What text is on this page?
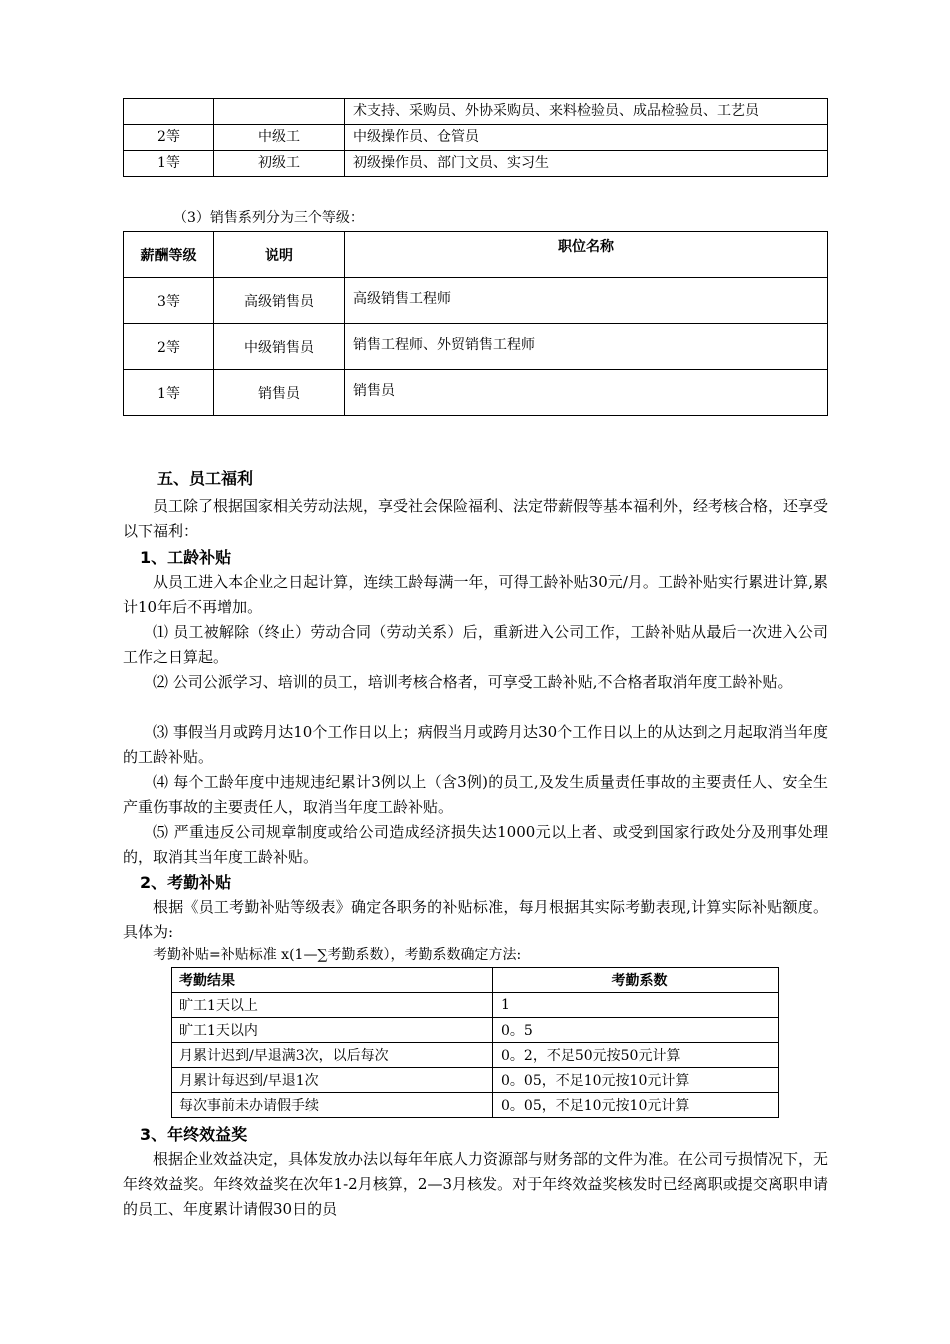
		术支持、采购员、外协采购员、来料检验员、成品检验员、工艺员
2等	中级工	中级操作员、仓管员
1等	初级工	初级操作员、部门文员、实习生
（3）销售系列分为三个等级：
薪酬等级	说明	职位名称
3等	高级销售员	高级销售工程师
2等	中级销售员	销售工程师、外贸销售工程师
1等	销售员	销售员
五、员工福利
员工除了根据国家相关劳动法规，享受社会保险福利、法定带薪假等基本福利外，经考核合格，还享受以下福利：
1、工龄补贴
从员工进入本企业之日起计算，连续工龄每满一年，可得工龄补贴30元/月。工龄补贴实行累进计算,累计10年后不再增加。
⑴ 员工被解除（终止）劳动合同（劳动关系）后，重新进入公司工作，工龄补贴从最后一次进入公司工作之日算起。
⑵ 公司公派学习、培训的员工，培训考核合格者，可享受工龄补贴,不合格者取消年度工龄补贴。
⑶ 事假当月或跨月达10个工作日以上；病假当月或跨月达30个工作日以上的从达到之月起取消当年度的工龄补贴。
⑷ 每个工龄年度中违规违纪累计3例以上（含3例)的员工,及发生质量责任事故的主要责任人、安全生产重伤事故的主要责任人，取消当年度工龄补贴。
⑸ 严重违反公司规章制度或给公司造成经济损失达1000元以上者、或受到国家行政处分及刑事处理的，取消其当年度工龄补贴。
2、考勤补贴
根据《员工考勤补贴等级表》确定各职务的补贴标准，每月根据其实际考勤表现,计算实际补贴额度。具体为:
考勤补贴=补贴标准 x(1—∑考勤系数），考勤系数确定方法:
考勤结果	考勤系数
旷工1天以上	1
旷工1天以内	0。5
月累计迟到/早退满3次，以后每次	0。2，不足50元按50元计算
月累计每迟到/早退1次	0。05，不足10元按10元计算
每次事前未办请假手续	0。05，不足10元按10元计算
3、年终效益奖
根据企业效益决定，具体发放办法以每年年底人力资源部与财务部的文件为准。在公司亏损情况下，无年终效益奖。年终效益奖在次年1-2月核算，2—3月核发。对于年终效益奖核发时已经离职或提交离职申请的员工、年度累计请假30日的员
